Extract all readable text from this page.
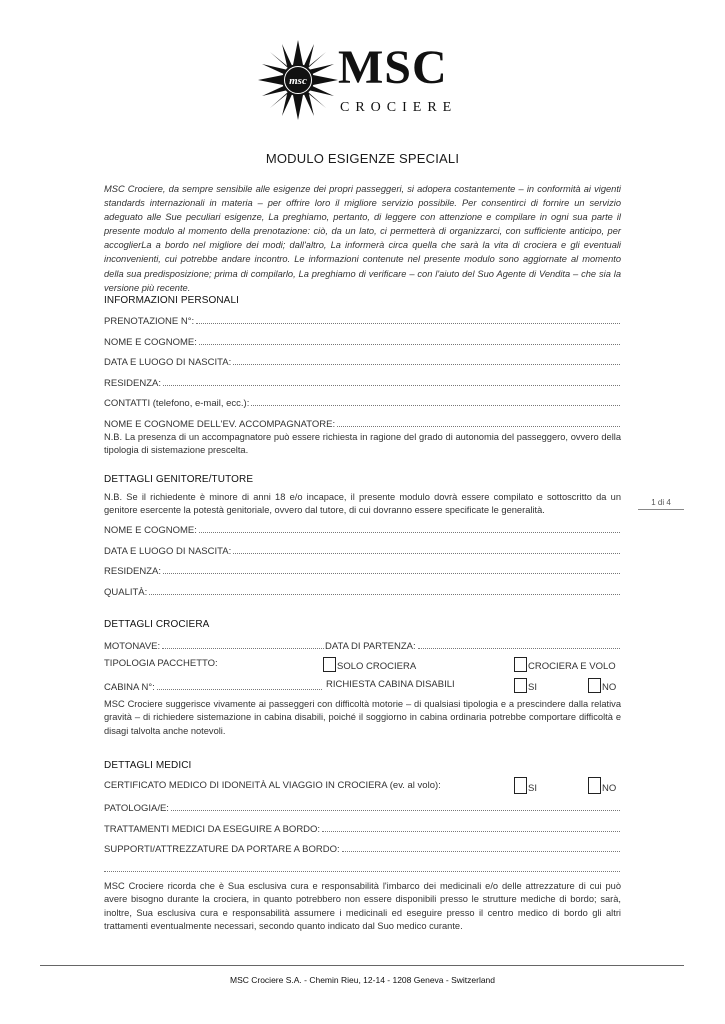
msc MSC
CROCIERE
MODULO ESIGENZE SPECIALI
MSC Crociere, da sempre sensibile alle esigenze dei propri passeggeri, si adopera costantemente – in conformità ai vigenti standards internazionali in materia – per offrire loro il migliore servizio possibile. Per consentirci di fornire un servizio adeguato alle Sue peculiari esigenze, La preghiamo, pertanto, di leggere con attenzione e compilare in ogni sua parte il presente modulo al momento della prenotazione: ciò, da un lato, ci permetterà di organizzarci, con sufficiente anticipo, per accoglierLa a bordo nel migliore dei modi; dall'altro, La informerà circa quella che sarà la vita di crociera e gli eventuali inconvenienti, cui potrebbe andare incontro. Le informazioni contenute nel presente modulo sono aggiornate al momento della sua predisposizione; prima di compilarlo, La preghiamo di verificare – con l'aiuto del Suo Agente di Vendita – che sia la versione più recente.
INFORMAZIONI PERSONALI
PRENOTAZIONE N°:
NOME E COGNOME:
DATA E LUOGO DI NASCITA:
RESIDENZA:
CONTATTI (telefono, e-mail, ecc.):
NOME E COGNOME DELL'EV. ACCOMPAGNATORE:
N.B. La presenza di un accompagnatore può essere richiesta in ragione del grado di autonomia del passeggero, ovvero della tipologia di sistemazione prescelta.
DETTAGLI GENITORE/TUTORE
N.B. Se il richiedente è minore di anni 18 e/o incapace, il presente modulo dovrà essere compilato e sottoscritto da un genitore esercente la potestà genitoriale, ovvero dal tutore, di cui dovranno essere specificate le generalità.
NOME E COGNOME:
DATA E LUOGO DI NASCITA:
RESIDENZA:
QUALITÀ:
1 di 4
DETTAGLI CROCIERA
MOTONAVE:	DATA DI PARTENZA:
TIPOLOGIA PACCHETTO:	SOLO CROCIERA	CROCIERA E VOLO
CABINA N°:	RICHIESTA CABINA DISABILI	SI	NO
MSC Crociere suggerisce vivamente ai passeggeri con difficoltà motorie – di qualsiasi tipologia e a prescindere dalla relativa gravità – di richiedere sistemazione in cabina disabili, poiché il soggiorno in cabina ordinaria potrebbe comportare difficoltà e disagi talvolta anche notevoli.
DETTAGLI MEDICI
CERTIFICATO MEDICO DI IDONEITÀ AL VIAGGIO IN CROCIERA (ev. al volo):	SI	NO
PATOLOGIA/E:
TRATTAMENTI MEDICI DA ESEGUIRE A BORDO:
SUPPORTI/ATTREZZATURE DA PORTARE A BORDO:
MSC Crociere ricorda che è Sua esclusiva cura e responsabilità l'imbarco dei medicinali e/o delle attrezzature di cui può avere bisogno durante la crociera, in quanto potrebbero non essere disponibili presso le strutture mediche di bordo; sarà, inoltre, Sua esclusiva cura e responsabilità assumere i medicinali ed eseguire presso il centro medico di bordo gli altri trattamenti eventualmente necessari, secondo quanto indicato dal Suo medico curante.
MSC Crociere S.A. - Chemin Rieu, 12-14 - 1208 Geneva - Switzerland
